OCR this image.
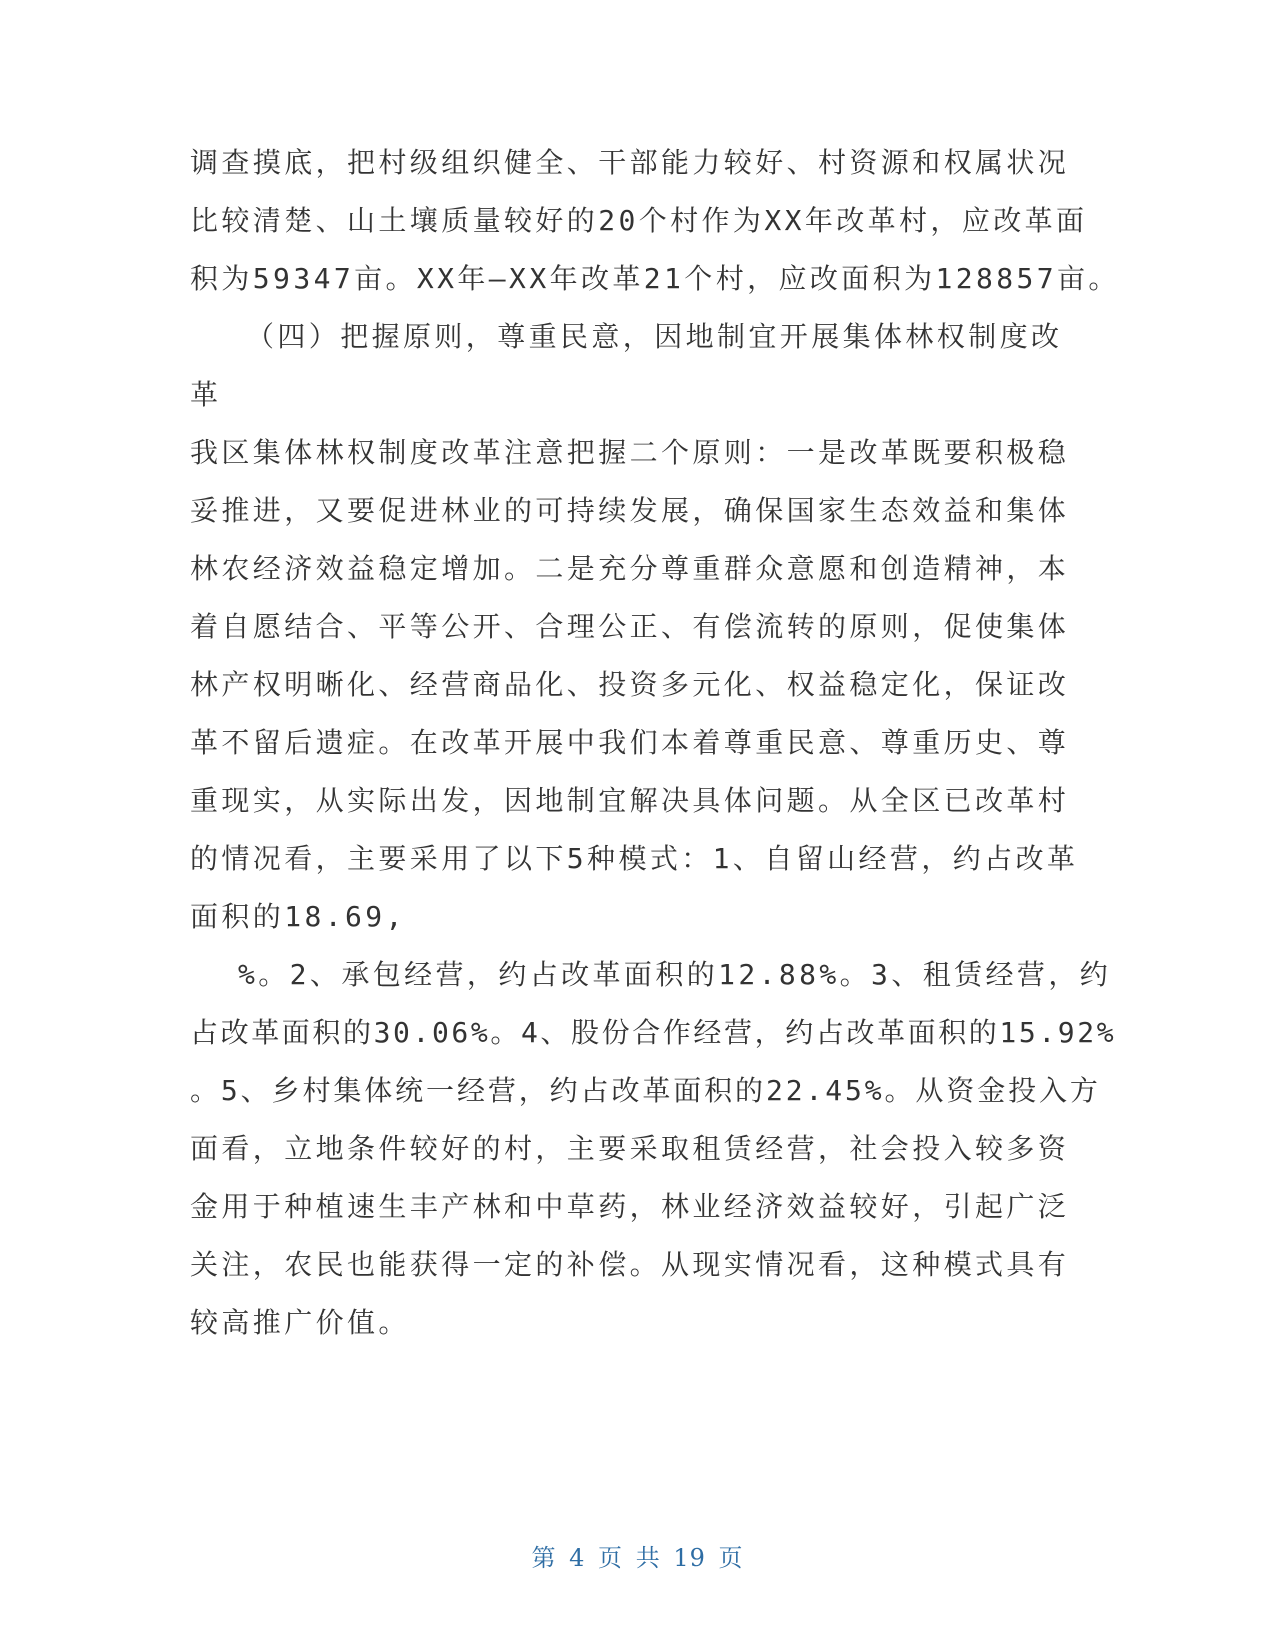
调查摸底，把村级组织健全、干部能力较好、村资源和权属状况
比较清楚、山土壤质量较好的20个村作为XX年改革村，应改革面
积为59347亩。XX年—XX年改革21个村，应改面积为128857亩。
（四）把握原则，尊重民意，因地制宜开展集体林权制度改
革
我区集体林权制度改革注意把握二个原则：一是改革既要积极稳
妥推进，又要促进林业的可持续发展，确保国家生态效益和集体
林农经济效益稳定增加。二是充分尊重群众意愿和创造精神，本
着自愿结合、平等公开、合理公正、有偿流转的原则，促使集体
林产权明晰化、经营商品化、投资多元化、权益稳定化，保证改
革不留后遗症。在改革开展中我们本着尊重民意、尊重历史、尊
重现实，从实际出发，因地制宜解决具体问题。从全区已改革村
的情况看，主要采用了以下5种模式：1、自留山经营，约占改革
面积的18.69,
%。2、承包经营，约占改革面积的12.88%。3、租赁经营，约
占改革面积的30.06%。4、股份合作经营，约占改革面积的15.92%
。5、乡村集体统一经营，约占改革面积的22.45%。从资金投入方
面看，立地条件较好的村，主要采取租赁经营，社会投入较多资
金用于种植速生丰产林和中草药，林业经济效益较好，引起广泛
关注，农民也能获得一定的补偿。从现实情况看，这种模式具有
较高推广价值。
第 4 页 共 19 页
